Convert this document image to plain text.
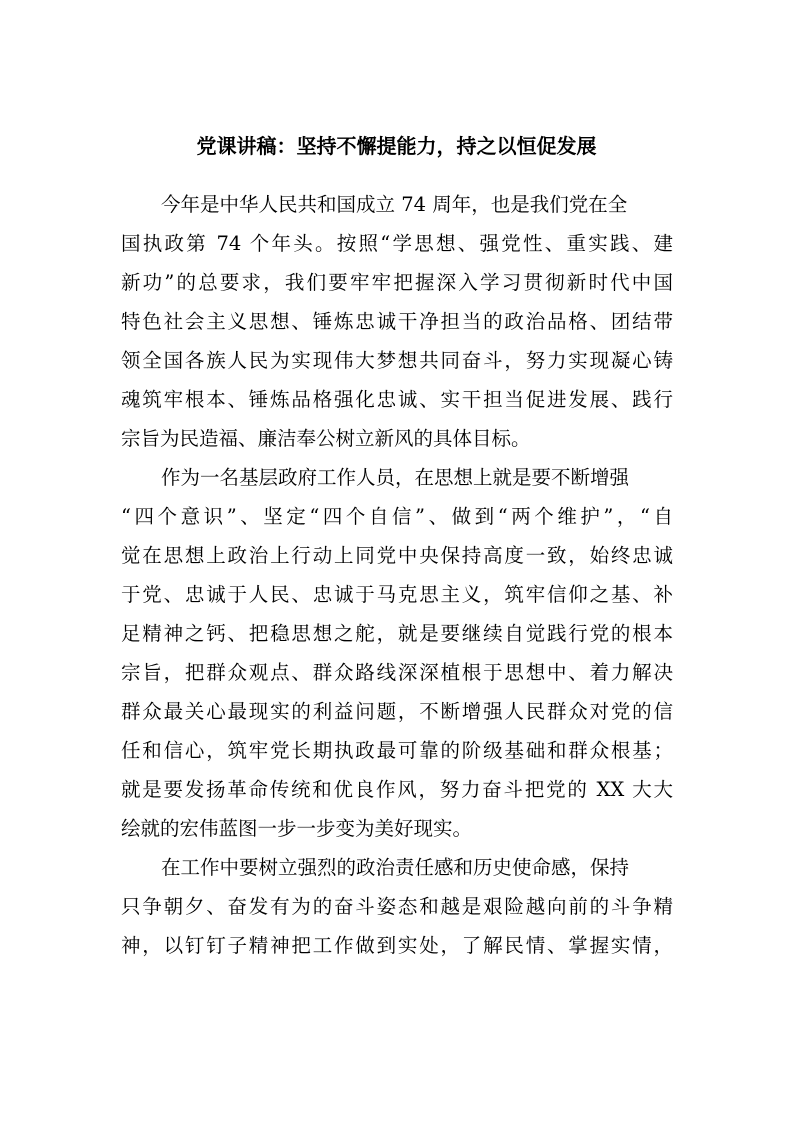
党课讲稿：坚持不懈提能力，持之以恒促发展
今年是中华人民共和国成立 74 周年，也是我们党在全
国执政第 74 个年头。按照“学思想、强党性、重实践、建
新功”的总要求，我们要牢牢把握深入学习贯彻新时代中国
特色社会主义思想、锤炼忠诚干净担当的政治品格、团结带
领全国各族人民为实现伟大梦想共同奋斗，努力实现凝心铸
魂筑牢根本、锤炼品格强化忠诚、实干担当促进发展、践行
宗旨为民造福、廉洁奉公树立新风的具体目标。
作为一名基层政府工作人员，在思想上就是要不断增强
“四个意识”、坚定“四个自信”、做到“两个维护”，“自
觉在思想上政治上行动上同党中央保持高度一致，始终忠诚
于党、忠诚于人民、忠诚于马克思主义，筑牢信仰之基、补
足精神之钙、把稳思想之舵，就是要继续自觉践行党的根本
宗旨，把群众观点、群众路线深深植根于思想中、着力解决
群众最关心最现实的利益问题，不断增强人民群众对党的信
任和信心，筑牢党长期执政最可靠的阶级基础和群众根基；
就是要发扬革命传统和优良作风，努力奋斗把党的 XX 大大
绘就的宏伟蓝图一步一步变为美好现实。
在工作中要树立强烈的政治责任感和历史使命感，保持
只争朝夕、奋发有为的奋斗姿态和越是艰险越向前的斗争精
神，以钉钉子精神把工作做到实处，了解民情、掌握实情，
